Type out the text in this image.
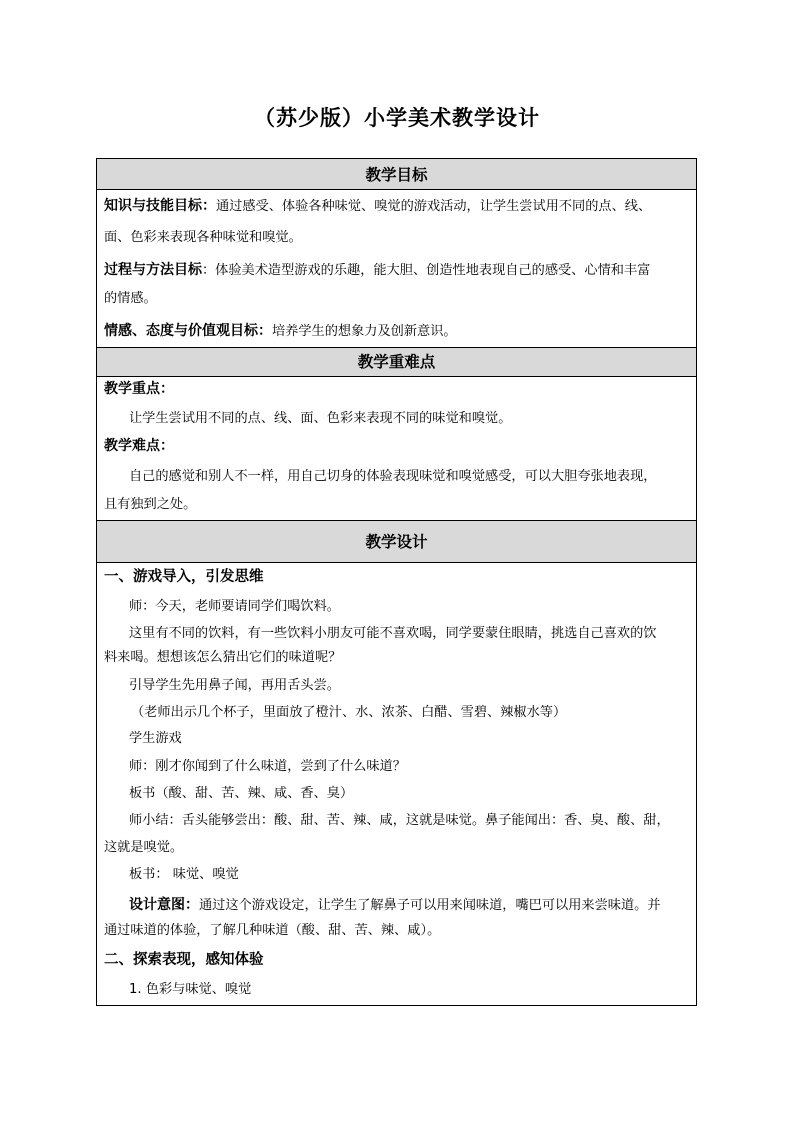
（苏少版）小学美术教学设计
教学目标
知识与技能目标：通过感受、体验各种味觉、嗅觉的游戏活动，让学生尝试用不同的点、线、
面、色彩来表现各种味觉和嗅觉。
过程与方法目标：体验美术造型游戏的乐趣，能大胆、创造性地表现自己的感受、心情和丰富
的情感。
情感、态度与价值观目标：培养学生的想象力及创新意识。
教学重难点
教学重点：
让学生尝试用不同的点、线、面、色彩来表现不同的味觉和嗅觉。
教学难点：
自己的感觉和别人不一样，用自己切身的体验表现味觉和嗅觉感受，可以大胆夸张地表现，
且有独到之处。
教学设计
一、游戏导入，引发思维
师：今天，老师要请同学们喝饮料。
这里有不同的饮料，有一些饮料小朋友可能不喜欢喝，同学要蒙住眼睛，挑选自己喜欢的饮
料来喝。想想该怎么猜出它们的味道呢？
引导学生先用鼻子闻，再用舌头尝。
（老师出示几个杯子，里面放了橙汁、水、浓茶、白醋、雪碧、辣椒水等）
学生游戏
师：刚才你闻到了什么味道，尝到了什么味道？
板书（酸、甜、苦、辣、咸、香、臭）
师小结：舌头能够尝出：酸、甜、苦、辣、咸，这就是味觉。鼻子能闻出：香、臭、酸、甜，
这就是嗅觉。
板书： 味觉、嗅觉
设计意图：通过这个游戏设定，让学生了解鼻子可以用来闻味道，嘴巴可以用来尝味道。并
通过味道的体验，了解几种味道（酸、甜、苦、辣、咸）。
二、探索表现，感知体验
1. 色彩与味觉、嗅觉
